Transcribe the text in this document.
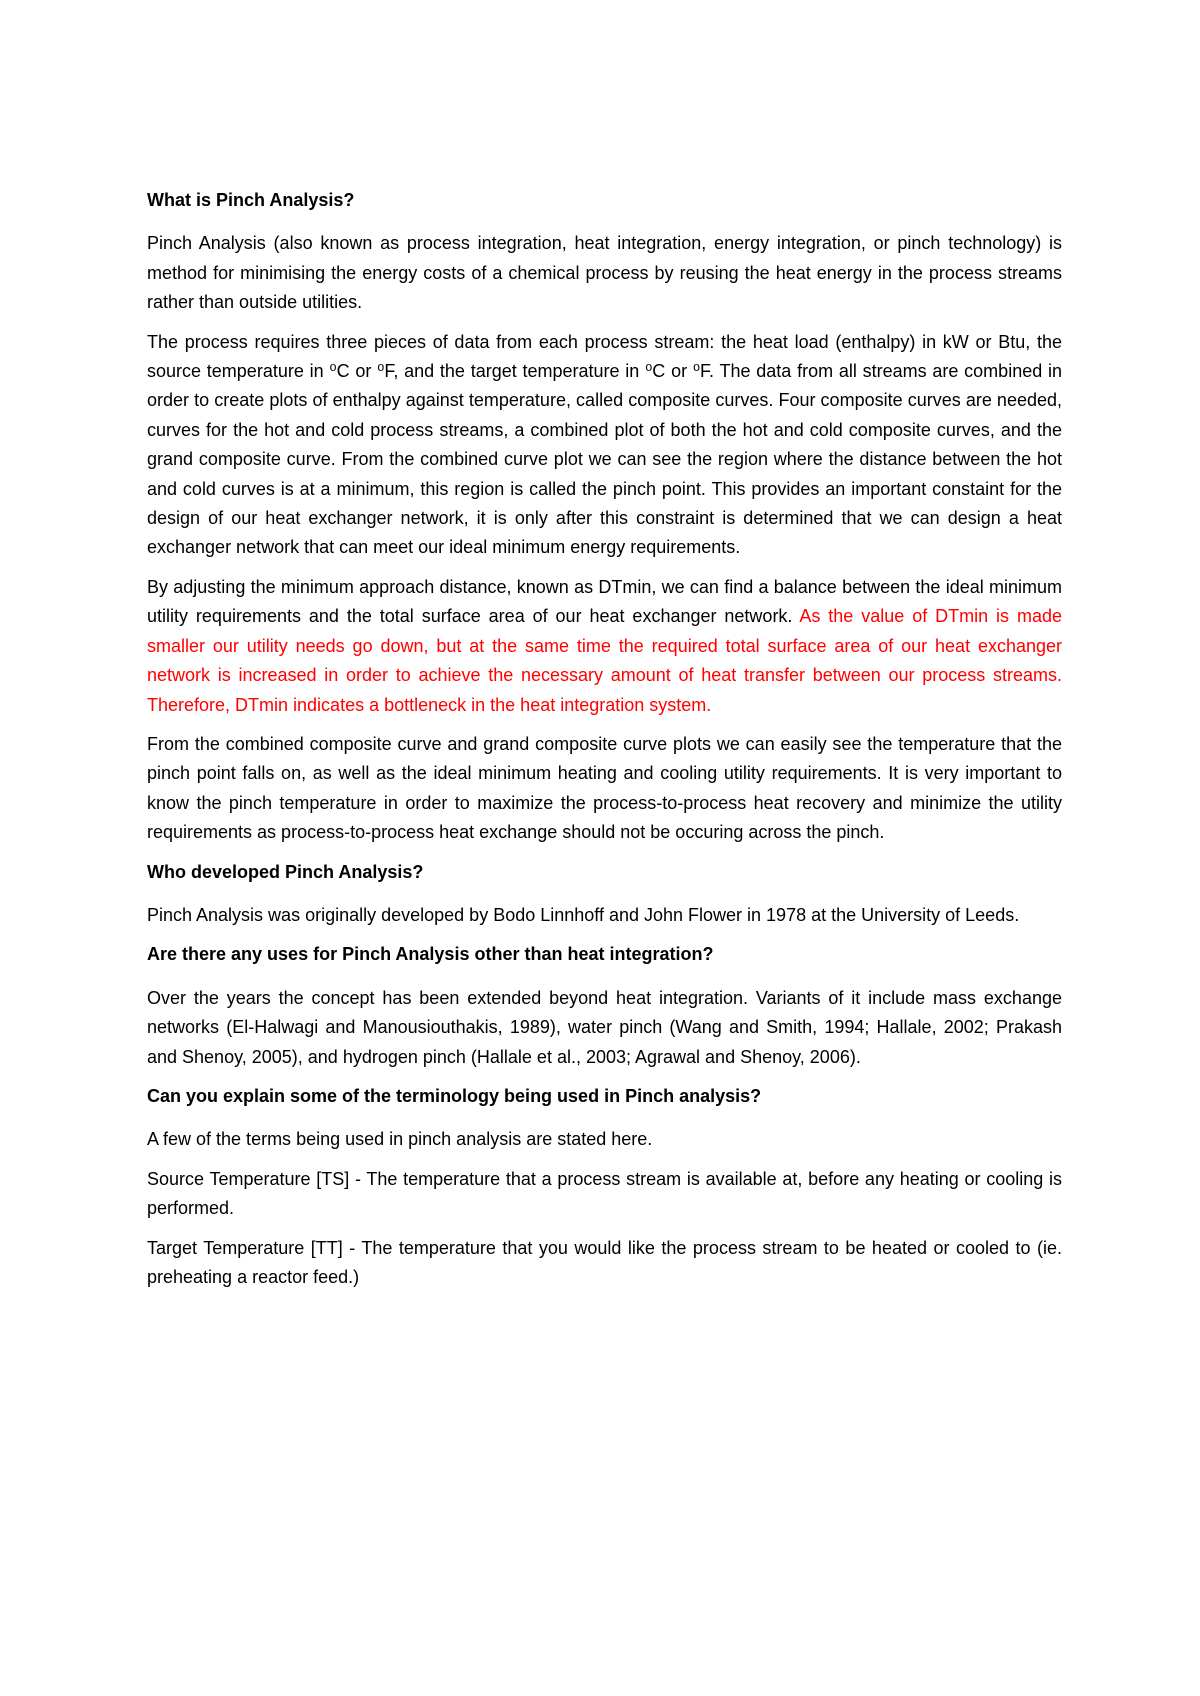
What is Pinch Analysis?

Pinch Analysis (also known as process integration, heat integration, energy integration, or pinch technology) is method for minimising the energy costs of a chemical process by reusing the heat energy in the process streams rather than outside utilities.

The process requires three pieces of data from each process stream: the heat load (enthalpy) in kW or Btu, the source temperature in ⁰C or ⁰F, and the target temperature in ⁰C or ⁰F. The data from all streams are combined in order to create plots of enthalpy against temperature, called composite curves. Four composite curves are needed, curves for the hot and cold process streams, a combined plot of both the hot and cold composite curves, and the grand composite curve. From the combined curve plot we can see the region where the distance between the hot and cold curves is at a minimum, this region is called the pinch point. This provides an important constaint for the design of our heat exchanger network, it is only after this constraint is determined that we can design a heat exchanger network that can meet our ideal minimum energy requirements.

By adjusting the minimum approach distance, known as DTmin, we can find a balance between the ideal minimum utility requirements and the total surface area of our heat exchanger network. As the value of DTmin is made smaller our utility needs go down, but at the same time the required total surface area of our heat exchanger network is increased in order to achieve the necessary amount of heat transfer between our process streams. Therefore, DTmin indicates a bottleneck in the heat integration system.

From the combined composite curve and grand composite curve plots we can easily see the temperature that the pinch point falls on, as well as the ideal minimum heating and cooling utility requirements. It is very important to know the pinch temperature in order to maximize the process-to-process heat recovery and minimize the utility requirements as process-to-process heat exchange should not be occuring across the pinch.

Who developed Pinch Analysis?

Pinch Analysis was originally developed by Bodo Linnhoff and John Flower in 1978 at the University of Leeds.

Are there any uses for Pinch Analysis other than heat integration?

Over the years the concept has been extended beyond heat integration. Variants of it include mass exchange networks (El-Halwagi and Manousiouthakis, 1989), water pinch (Wang and Smith, 1994; Hallale, 2002; Prakash and Shenoy, 2005), and hydrogen pinch (Hallale et al., 2003; Agrawal and Shenoy, 2006).

Can you explain some of the terminology being used in Pinch analysis?

A few of the terms being used in pinch analysis are stated here.

Source Temperature [TS] - The temperature that a process stream is available at, before any heating or cooling is performed.

Target Temperature [TT] - The temperature that you would like the process stream to be heated or cooled to (ie. preheating a reactor feed.)
